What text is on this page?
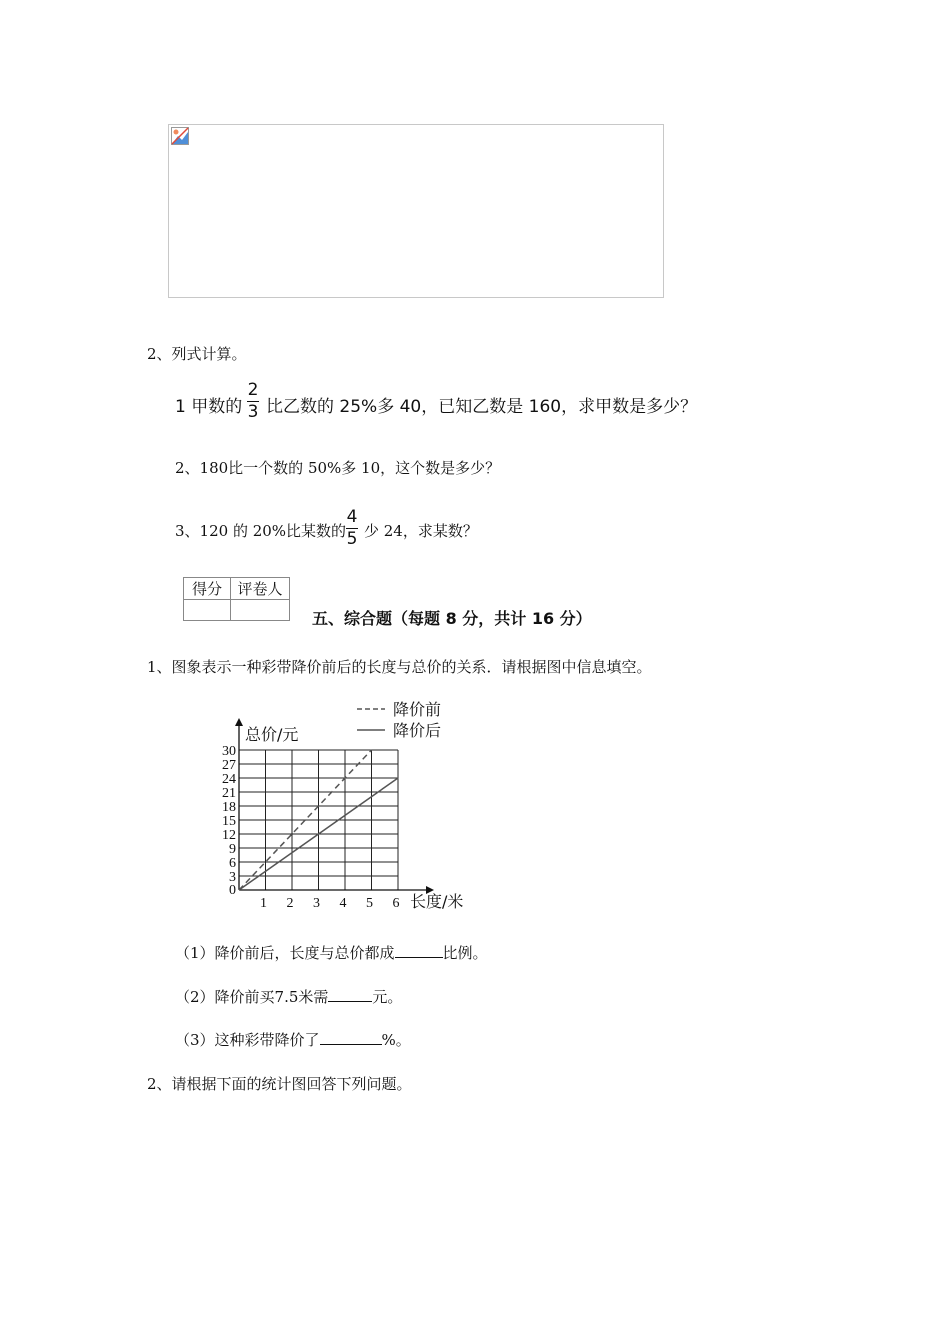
2、列式计算。
1 甲数的
2
3 比乙数的 25%多 40，已知乙数是 160，求甲数是多少？
2、180比一个数的 50%多 10，这个数是多少？
3、120 的 20%比某数的
4
5 少 24，求某数？
得分	评卷人

五、综合题（每题 8 分，共计 16 分）
1、图象表示一种彩带降价前后的长度与总价的关系．请根据图中信息填空。
0
3
6
9
12
15
18
21
24
27
30
1 2 3 4 5 6
总价/元
长度/米
降价前
降价后
（1）降价前后，长度与总价都成	比例。
（2）降价前买7.5米需	元。
（3）这种彩带降价了	%。
2、请根据下面的统计图回答下列问题。
